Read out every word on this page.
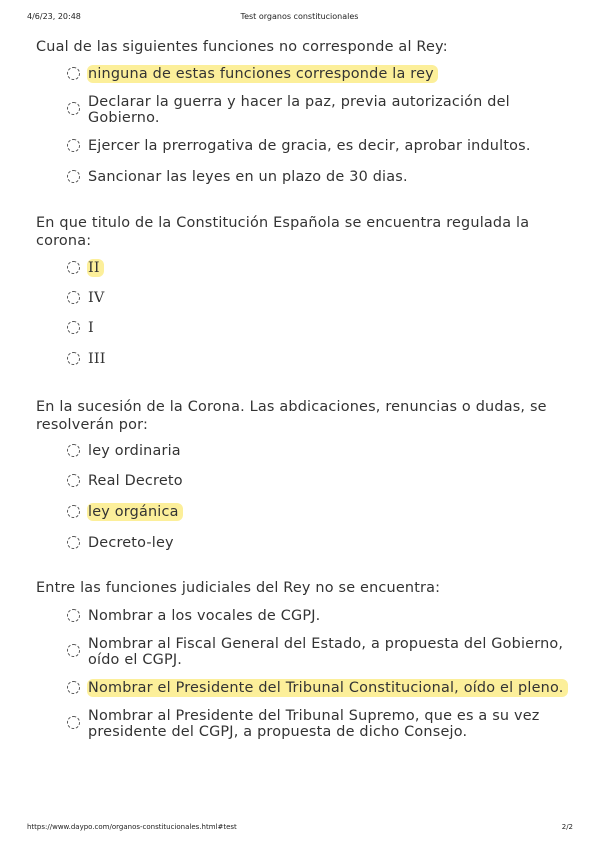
4/6/23, 20:48	Test organos constitucionales
Cual de las siguientes funciones no corresponde al Rey:
ninguna de estas funciones corresponde la rey
Declarar la guerra y hacer la paz, previa autorización del Gobierno.
Ejercer la prerrogativa de gracia, es decir, aprobar indultos.
Sancionar las leyes en un plazo de 30 dias.
En que titulo de la Constitución Española se encuentra regulada la corona:
II
IV
I
III
En la sucesión de la Corona. Las abdicaciones, renuncias o dudas, se resolverán por:
ley ordinaria
Real Decreto
ley orgánica
Decreto-ley
Entre las funciones judiciales del Rey no se encuentra:
Nombrar a los vocales de CGPJ.
Nombrar al Fiscal General del Estado, a propuesta del Gobierno, oído el CGPJ.
Nombrar el Presidente del Tribunal Constitucional, oído el pleno.
Nombrar al Presidente del Tribunal Supremo, que es a su vez presidente del CGPJ, a propuesta de dicho Consejo.
https://www.daypo.com/organos-constitucionales.html#test	2/2
